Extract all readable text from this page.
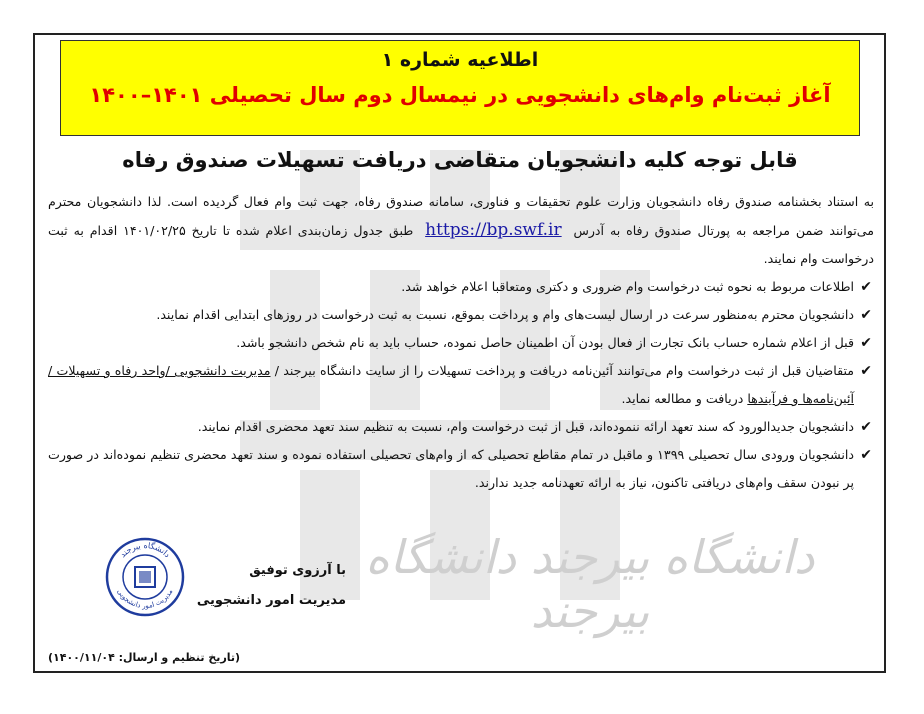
دانشگاه بیرجند دانشگاه بیرجند
اطلاعیه شماره ۱
آغاز ثبت‌نام وام‌های دانشجویی در نیمسال دوم سال تحصیلی ۱۴۰۱–۱۴۰۰
قابل توجه کلیه دانشجویان متقاضی دریافت تسهیلات صندوق رفاه
به استناد بخشنامه صندوق رفاه دانشجویان وزارت علوم تحقیقات و فناوری، سامانه صندوق رفاه، جهت ثبت وام فعال گردیده است. لذا دانشجویان محترم می‌توانند ضمن مراجعه به پورتال صندوق رفاه به آدرس  https://bp.swf.ir  طبق جدول زمان‌بندی اعلام شده تا تاریخ ۱۴۰۱/۰۲/۲۵ اقدام به ثبت درخواست وام نمایند.
✔
اطلاعات مربوط به نحوه ثبت درخواست وام ضروری و دکتری ومتعاقبا اعلام خواهد شد.
✔
دانشجویان محترم به‌منظور سرعت در ارسال لیست‌های وام و پرداخت بموقع، نسبت به ثبت درخواست در روزهای ابتدایی اقدام نمایند.
✔
قبل از اعلام شماره حساب بانک تجارت از فعال بودن آن اطمینان حاصل نموده، حساب باید به نام شخص دانشجو باشد.
✔
متقاضیان قبل از ثبت درخواست وام می‌توانند آئین‌نامه دریافت و پرداخت تسهیلات را از سایت دانشگاه بیرجند / مدیریت دانشجویی /واحد رفاه و تسهیلات / آئین‌نامه‌ها و فرآیندها دریافت و مطالعه نماید.
✔
دانشجویان جدیدالورود که سند تعهد ارائه ننموده‌اند، قبل از ثبت درخواست وام، نسبت به تنظیم سند تعهد محضری اقدام نمایند.
✔
دانشجویان ورودی سال تحصیلی ۱۳۹۹ و ماقبل در تمام مقاطع تحصیلی که از وام‌های تحصیلی استفاده نموده و سند تعهد محضری تنظیم نموده‌اند در صورت پر نبودن سقف وام‌های دریافتی تاکنون، نیاز به ارائه تعهدنامه جدید ندارند.
دانشگاه بیرجند
مدیریت امور دانشجویی
با آرزوی توفیق
مدیریت امور دانشجویی
(تاریخ تنظیم و ارسال: ۱۴۰۰/۱۱/۰۴)
